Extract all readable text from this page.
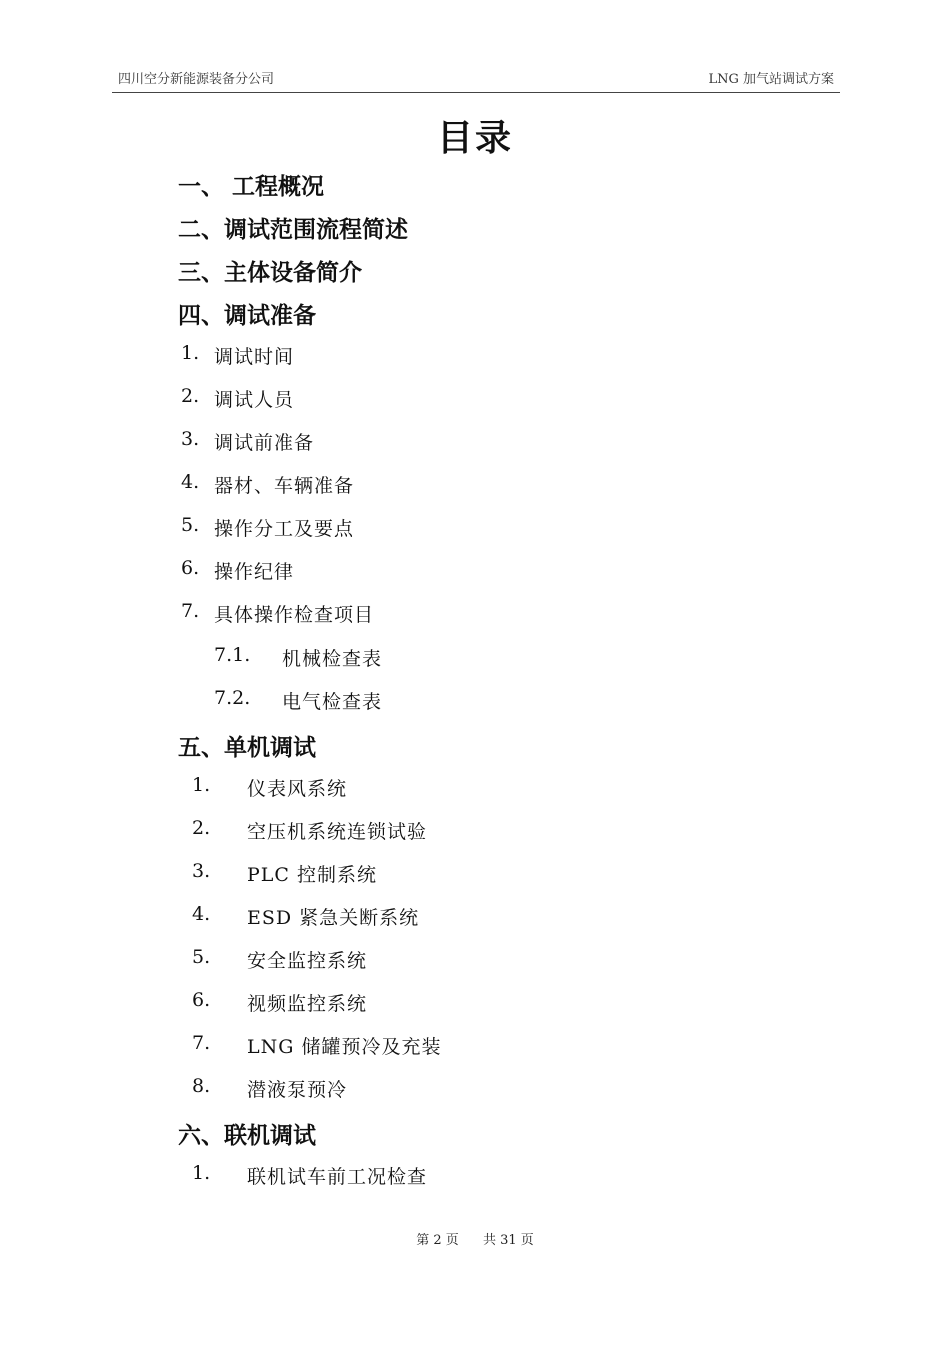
四川空分新能源装备分公司	LNG 加气站调试方案
目录
一、 工程概况
二、调试范围流程简述
三、主体设备简介
四、调试准备
1. 调试时间
2. 调试人员
3. 调试前准备
4. 器材、车辆准备
5. 操作分工及要点
6. 操作纪律
7. 具体操作检查项目
7.1. 机械检查表
7.2. 电气检查表
五、单机调试
1. 仪表风系统
2. 空压机系统连锁试验
3. PLC 控制系统
4. ESD 紧急关断系统
5. 安全监控系统
6. 视频监控系统
7. LNG 储罐预冷及充装
8. 潜液泵预冷
六、联机调试
1. 联机试车前工况检查
第 2 页 共 31 页
